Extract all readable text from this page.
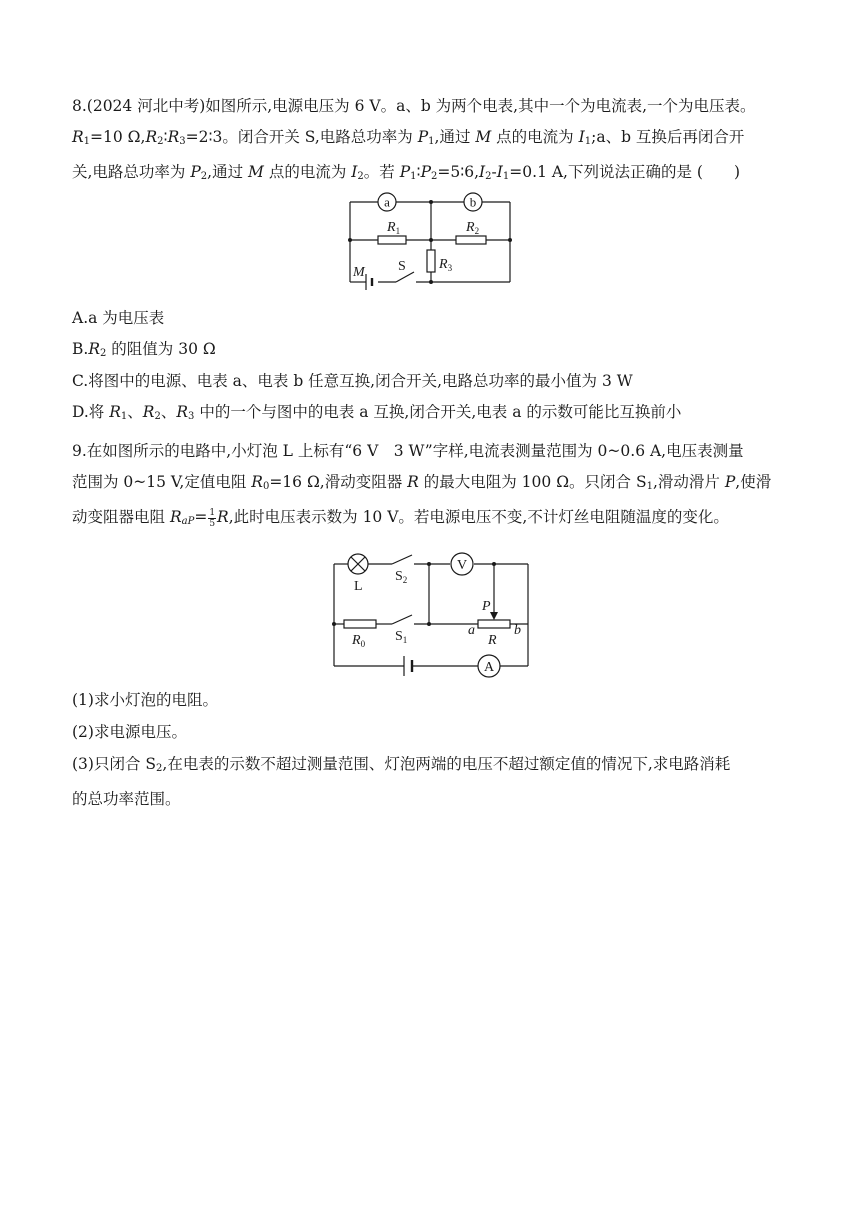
8.(2024 河北中考)如图所示,电源电压为 6 V。a、b 为两个电表,其中一个为电流表,一个为电压表。
$R_1=10$ $\Omega,R_2∶R_3=2∶3$。闭合开关 S,电路总功率为 $P_1$,通过 M 点的电流为 $I_1;a$、b 互换后再闭合开
关,电路总功率为 $P_2$,通过 M 点的电流为 $I_2$。若 $P_1∶P_2=5∶6,I_2-I_1=0.1$ A,下列说法正确的是 (　　)
a	b
$R_1$	$R_2$
$R_3$
M S
A.a 为电压表
$B.R_2$ 的阻值为 30 Ω
C.将图中的电源、电表 a、电表 b 任意互换,闭合开关,电路总功率的最小值为 3 W
D.将 $R_1$、$R_2$、$R_3$ 中的一个与图中的电表 a 互换,闭合开关,电表 a 的示数可能比互换前小
9.在如图所示的电路中,小灯泡 L 上标有“6 V　3 W”字样,电流表测量范围为 0~0.6 A,电压表测量
范围为 0~15 V,定值电阻 $R_0=16$ Ω,滑动变阻器 R 的最大电阻为 100 Ω。只闭合 $S_1$,滑动滑片 P,使滑
动变阻器电阻 $R_{aP}= \frac{1}{5} R$,此时电压表示数为 10 V。若电源电压不变,不计灯丝电阻随温度的变化。
V
A
L
$S_2$
$S_1$
$R_0$
P
a	b
R
(1)求小灯泡的电阻。
(2)求电源电压。
(3)只闭合 $S_2$,在电表的示数不超过测量范围、灯泡两端的电压不超过额定值的情况下,求电路消耗
的总功率范围。
